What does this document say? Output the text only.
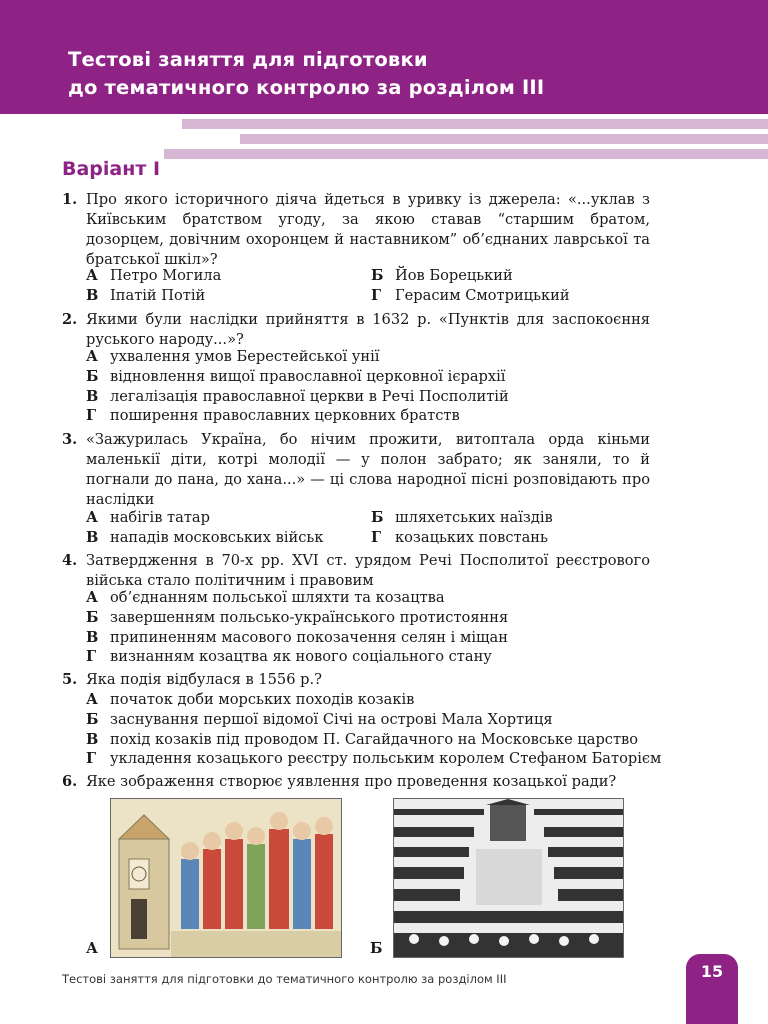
Тестові заняття для підготовки
до тематичного контролю за розділом ІІІ
Варіант І
1. Про якого історичного діяча йдеться в уривку із джерела: «...уклав з Київським братством угоду, за якою ставав “старшим братом, дозорцем, довічним охоронцем й наставником” об’єднаних лаврської та братської шкіл»?
А Петро Могила	Б Йов Борецький
В Іпатій Потій	Г Герасим Смотрицький
2. Якими були наслідки прийняття в 1632 р. «Пунктів для заспокоєння руського народу...»?
А ухвалення умов Берестейської унії
Б відновлення вищої православної церковної ієрархії
В легалізація православної церкви в Речі Посполитій
Г поширення православних церковних братств
3. «Зажурилась Україна, бо нічим прожити, витоптала орда кіньми маленькії діти, котрі молодії — у полон забрато; як заняли, то й погнали до пана, до хана...» — ці слова народної пісні розповідають про наслідки
А набігів татар	Б шляхетських наїздів
В нападів московських військ	Г козацьких повстань
4. Затвердження в 70-х рр. XVI ст. урядом Речі Посполитої реєстрового війська стало політичним і правовим
А об’єднанням польської шляхти та козацтва
Б завершенням польсько-українського протистояння
В припиненням масового покозачення селян і міщан
Г визнанням козацтва як нового соціального стану
5. Яка подія відбулася в 1556 р.?
А початок доби морських походів козаків
Б заснування першої відомої Січі на острові Мала Хортиця
В похід козаків під проводом П. Сагайдачного на Московське царство
Г укладення козацького реєстру польським королем Стефаном Баторієм
6. Яке зображення створює уявлення про проведення козацької ради?
А	Б
Тестові заняття для підготовки до тематичного контролю за розділом ІІІ	15
